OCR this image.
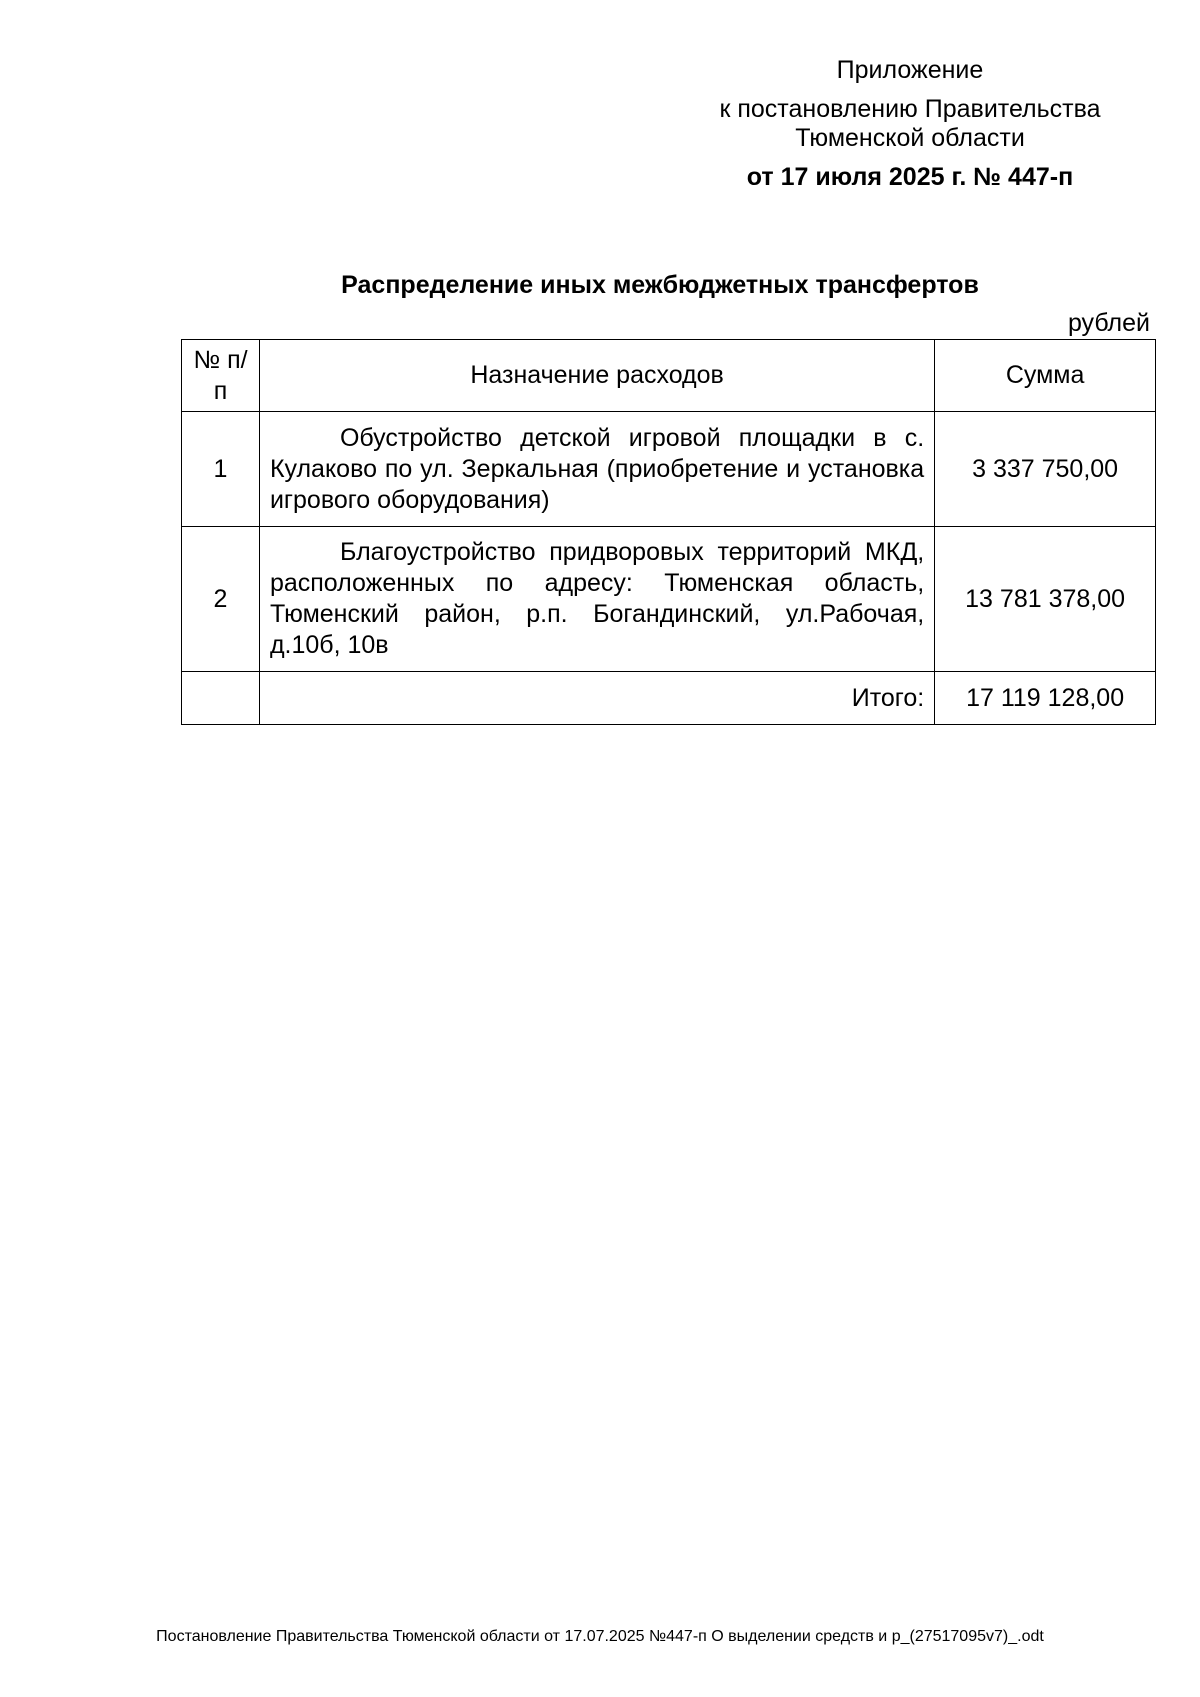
Приложение
к постановлению Правительства
Тюменской области
от 17 июля 2025 г. № 447-п
Распределение иных межбюджетных трансфертов
рублей
№ п/п	Назначение расходов	Сумма
1	Обустройство детской игровой площадки в с. Кулаково по ул. Зеркальная (приобретение и установка игрового оборудования)	3 337 750,00
2	Благоустройство придворовых территорий МКД, расположенных по адресу: Тюменская область, Тюменский район, р.п. Богандинский, ул.Рабочая, д.10б, 10в	13 781 378,00
	Итого:	17 119 128,00
Постановление Правительства Тюменской области от 17.07.2025 №447-п О выделении средств и р_(27517095v7)_.odt
